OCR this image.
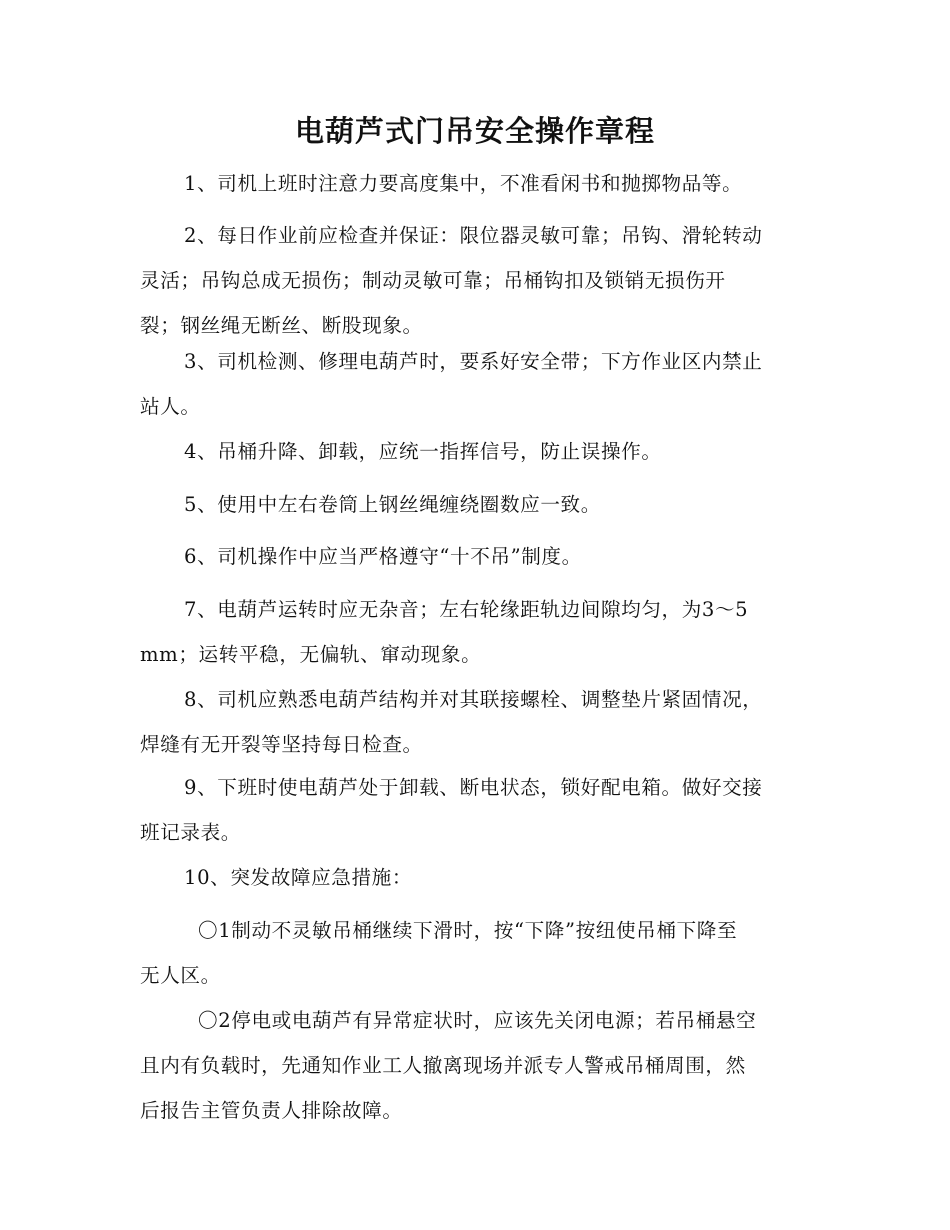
电葫芦式门吊安全操作章程
1、司机上班时注意力要高度集中，不准看闲书和抛掷物品等。
2、每日作业前应检查并保证：限位器灵敏可靠；吊钩、滑轮转动
灵活；吊钩总成无损伤；制动灵敏可靠；吊桶钩扣及锁销无损伤开
裂；钢丝绳无断丝、断股现象。
3、司机检测、修理电葫芦时，要系好安全带；下方作业区内禁止
站人。
4、吊桶升降、卸载，应统一指挥信号，防止误操作。
5、使用中左右卷筒上钢丝绳缠绕圈数应一致。
6、司机操作中应当严格遵守“十不吊”制度。
7、电葫芦运转时应无杂音；左右轮缘距轨边间隙均匀，为3～5
mm；运转平稳，无偏轨、窜动现象。
8、司机应熟悉电葫芦结构并对其联接螺栓、调整垫片紧固情况，
焊缝有无开裂等坚持每日检查。
9、下班时使电葫芦处于卸载、断电状态，锁好配电箱。做好交接
班记录表。
10、突发故障应急措施：
〇1制动不灵敏吊桶继续下滑时，按“下降”按纽使吊桶下降至
无人区。
〇2停电或电葫芦有异常症状时，应该先关闭电源；若吊桶悬空
且内有负载时，先通知作业工人撤离现场并派专人警戒吊桶周围，然
后报告主管负责人排除故障。
